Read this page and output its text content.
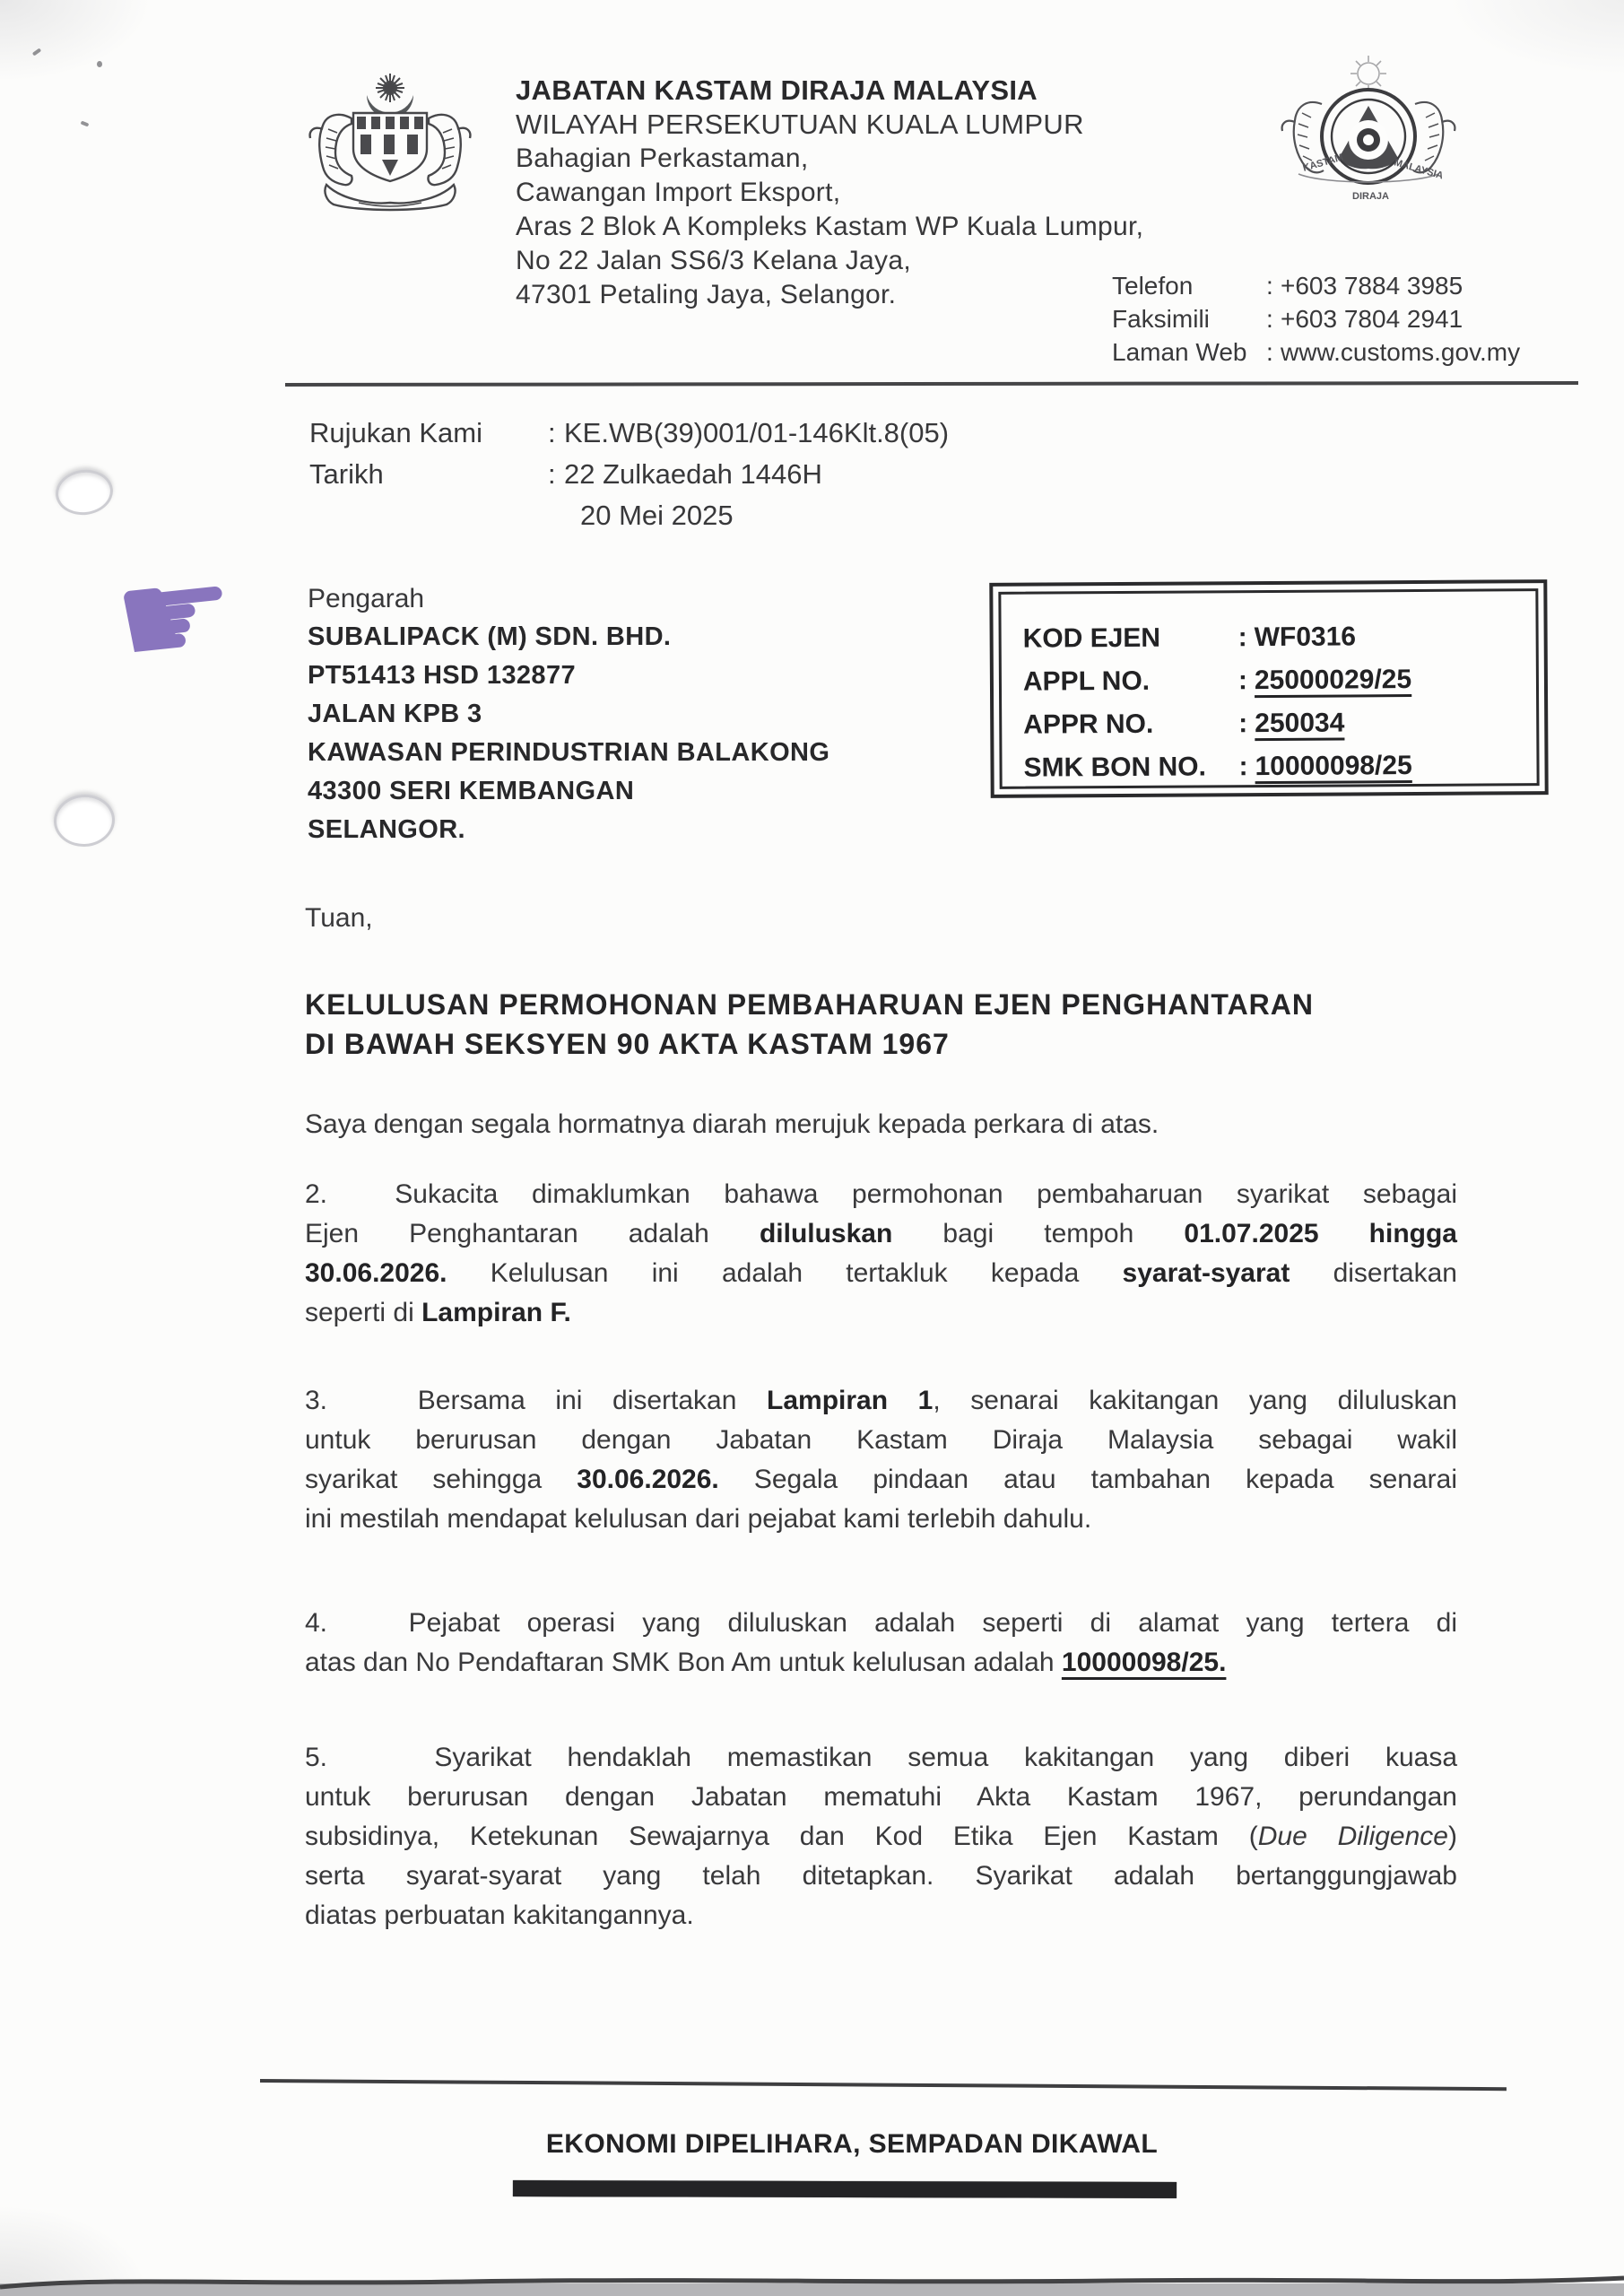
JABATAN KASTAM DIRAJA MALAYSIA
WILAYAH PERSEKUTUAN KUALA LUMPUR
Bahagian Perkastaman,
Cawangan Import Eksport,
Aras 2 Blok A Kompleks Kastam WP Kuala Lumpur,
No 22 Jalan SS6/3 Kelana Jaya,
47301 Petaling Jaya, Selangor.
KASTAM	MALAYSIA
DIRAJA
Telefon	: +603 7884 3985
Faksimili	: +603 7804 2941
Laman Web : www.customs.gov.my
Rujukan Kami	: KE.WB(39)001/01-146Klt.8(05)
Tarikh	: 22 Zulkaedah 1446H
20 Mei 2025
☛ Pengarah
SUBALIPACK (M) SDN. BHD.
PT51413 HSD 132877
JALAN KPB 3
KAWASAN PERINDUSTRIAN BALAKONG
43300 SERI KEMBANGAN
SELANGOR.
KOD EJEN	: WF0316
APPL NO.	: 25000029/25
APPR NO.	: 250034
SMK BON NO.	: 10000098/25
Tuan,
KELULUSAN PERMOHONAN PEMBAHARUAN EJEN PENGHANTARAN
DI BAWAH SEKSYEN 90 AKTA KASTAM 1967
Saya dengan segala hormatnya diarah merujuk kepada perkara di atas.
2.  Sukacita dimaklumkan bahawa permohonan pembaharuan syarikat sebagai
Ejen Penghantaran adalah diluluskan bagi tempoh 01.07.2025 hingga
30.06.2026. Kelulusan ini adalah tertakluk kepada syarat-syarat disertakan
seperti di Lampiran F.
3.   Bersama ini disertakan Lampiran 1, senarai kakitangan yang diluluskan
untuk berurusan dengan Jabatan Kastam Diraja Malaysia sebagai wakil
syarikat sehingga 30.06.2026. Segala pindaan atau tambahan kepada senarai
ini mestilah mendapat kelulusan dari pejabat kami terlebih dahulu.
4.   Pejabat operasi yang diluluskan adalah seperti di alamat yang tertera di
atas dan No Pendaftaran SMK Bon Am untuk kelulusan adalah 10000098/25.
5.   Syarikat hendaklah memastikan semua kakitangan yang diberi kuasa
untuk berurusan dengan Jabatan mematuhi Akta Kastam 1967, perundangan
subsidinya, Ketekunan Sewajarnya dan Kod Etika Ejen Kastam (Due Diligence)
serta syarat-syarat yang telah ditetapkan. Syarikat adalah bertanggungjawab
diatas perbuatan kakitangannya.
EKONOMI DIPELIHARA, SEMPADAN DIKAWAL
